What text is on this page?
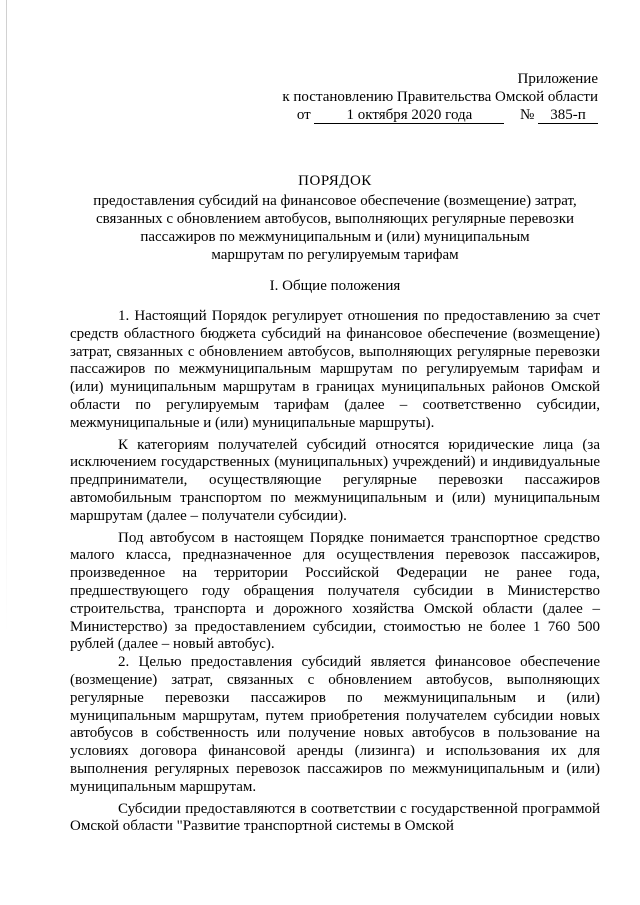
Приложение
к постановлению Правительства Омской области
от 1 октября 2020 года	№ 385-п
ПОРЯДОК
предоставления субсидий на финансовое обеспечение (возмещение) затрат,
связанных с обновлением автобусов, выполняющих регулярные перевозки
пассажиров по межмуниципальным и (или) муниципальным
маршрутам по регулируемым тарифам
I. Общие положения

1. Настоящий Порядок регулирует отношения по предоставлению за счет средств областного бюджета субсидий на финансовое обеспечение (возмещение) затрат, связанных с обновлением автобусов, выполняющих регулярные перевозки пассажиров по межмуниципальным маршрутам по регулируемым тарифам и (или) муниципальным маршрутам в границах муниципальных районов Омской области по регулируемым тарифам (далее – соответственно субсидии, межмуниципальные и (или) муниципальные маршруты).

К категориям получателей субсидий относятся юридические лица (за исключением государственных (муниципальных) учреждений) и индивидуальные предприниматели, осуществляющие регулярные перевозки пассажиров автомобильным транспортом по межмуниципальным и (или) муниципальным маршрутам (далее – получатели субсидии).

Под автобусом в настоящем Порядке понимается транспортное средство малого класса, предназначенное для осуществления перевозок пассажиров, произведенное на территории Российской Федерации не ранее года, предшествующего году обращения получателя субсидии в Министерство строительства, транспорта и дорожного хозяйства Омской области (далее – Министерство) за предоставлением субсидии, стоимостью не более 1 760 500 рублей (далее – новый автобус).

2. Целью предоставления субсидий является финансовое обеспечение (возмещение) затрат, связанных с обновлением автобусов, выполняющих регулярные перевозки пассажиров по межмуниципальным и (или) муниципальным маршрутам, путем приобретения получателем субсидии новых автобусов в собственность или получение новых автобусов в пользование на условиях договора финансовой аренды (лизинга) и использования их для выполнения регулярных перевозок пассажиров по межмуниципальным и (или) муниципальным маршрутам.

Субсидии предоставляются в соответствии с государственной программой Омской области "Развитие транспортной системы в Омской
